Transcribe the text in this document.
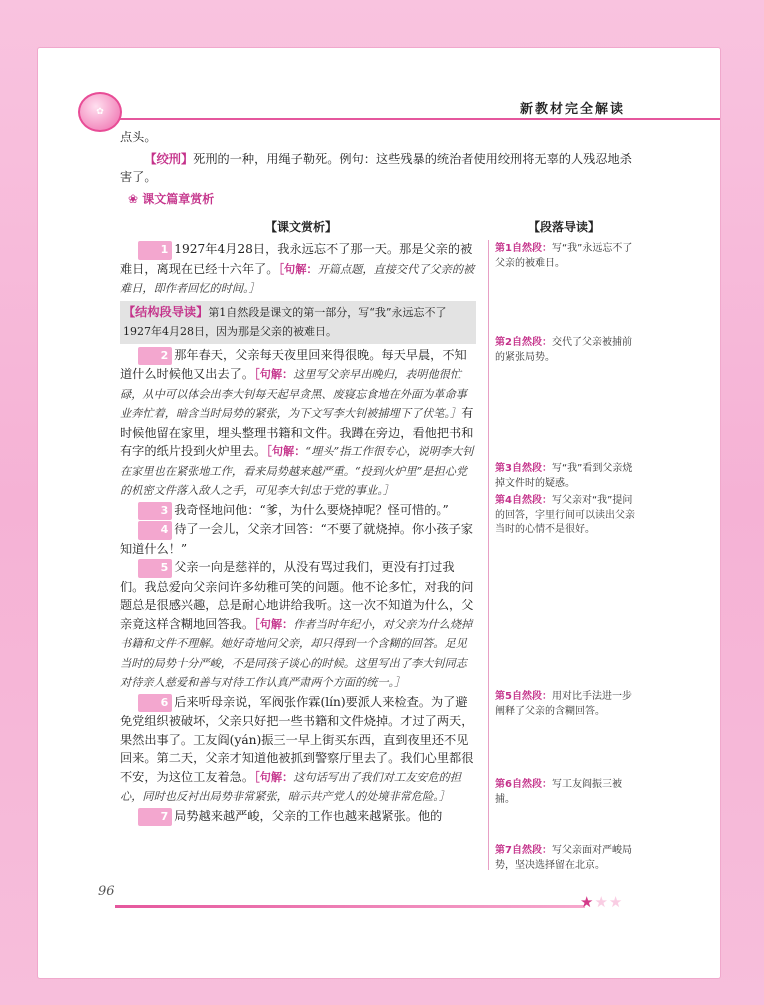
✿	新教材完全解读
点头。
【绞刑】死刑的一种，用绳子勒死。例句：这些残暴的统治者使用绞刑将无辜的人残忍地杀害了。
❀ 课文篇章赏析
【课文赏析】	【段落导读】
1 1927年4月28日，我永远忘不了那一天。那是父亲的被难日，离现在已经十六年了。［句解：开篇点题，直接交代了父亲的被难日，即作者回忆的时间。］
【结构段导读】第1自然段是课文的第一部分，写“我”永远忘不了1927年4月28日，因为那是父亲的被难日。
2 那年春天，父亲每天夜里回来得很晚。每天早晨，不知道什么时候他又出去了。［句解：这里写父亲早出晚归，表明他很忙碌，从中可以体会出李大钊每天起早贪黑、废寝忘食地在外面为革命事业奔忙着，暗含当时局势的紧张，为下文写李大钊被捕埋下了伏笔。］有时候他留在家里，埋头整理书籍和文件。我蹲在旁边，看他把书和有字的纸片投到火炉里去。［句解：“埋头”指工作很专心，说明李大钊在家里也在紧张地工作，看来局势越来越严重。“投到火炉里”是担心党的机密文件落入敌人之手，可见李大钊忠于党的事业。］
3 我奇怪地问他：“爹，为什么要烧掉呢？怪可惜的。”
4 待了一会儿，父亲才回答：“不要了就烧掉。你小孩子家知道什么！”
5 父亲一向是慈祥的，从没有骂过我们，更没有打过我们。我总爱向父亲问许多幼稚可笑的问题。他不论多忙，对我的问题总是很感兴趣，总是耐心地讲给我听。这一次不知道为什么，父亲竟这样含糊地回答我。［句解：作者当时年纪小，对父亲为什么烧掉书籍和文件不理解。她好奇地问父亲，却只得到一个含糊的回答。足见当时的局势十分严峻，不是同孩子谈心的时候。这里写出了李大钊同志对待亲人慈爱和善与对待工作认真严肃两个方面的统一。］
6 后来听母亲说，军阀张作霖(lín)要派人来检查。为了避免党组织被破坏，父亲只好把一些书籍和文件烧掉。才过了两天，果然出事了。工友阎(yán)振三一早上街买东西，直到夜里还不见回来。第二天，父亲才知道他被抓到警察厅里去了。我们心里都很不安，为这位工友着急。［句解：这句话写出了我们对工友安危的担心，同时也反衬出局势非常紧张，暗示共产党人的处境非常危险。］
7 局势越来越严峻，父亲的工作也越来越紧张。他的
第1自然段：写“我”永远忘不了父亲的被难日。
第2自然段：交代了父亲被捕前的紧张局势。
第3自然段：写“我”看到父亲烧掉文件时的疑惑。
第4自然段：写父亲对“我”提问的回答，字里行间可以读出父亲当时的心情不是很好。
第5自然段：用对比手法进一步阐释了父亲的含糊回答。
第6自然段：写工友阎振三被捕。
第7自然段：写父亲面对严峻局势，坚决选择留在北京。
96
★★★
